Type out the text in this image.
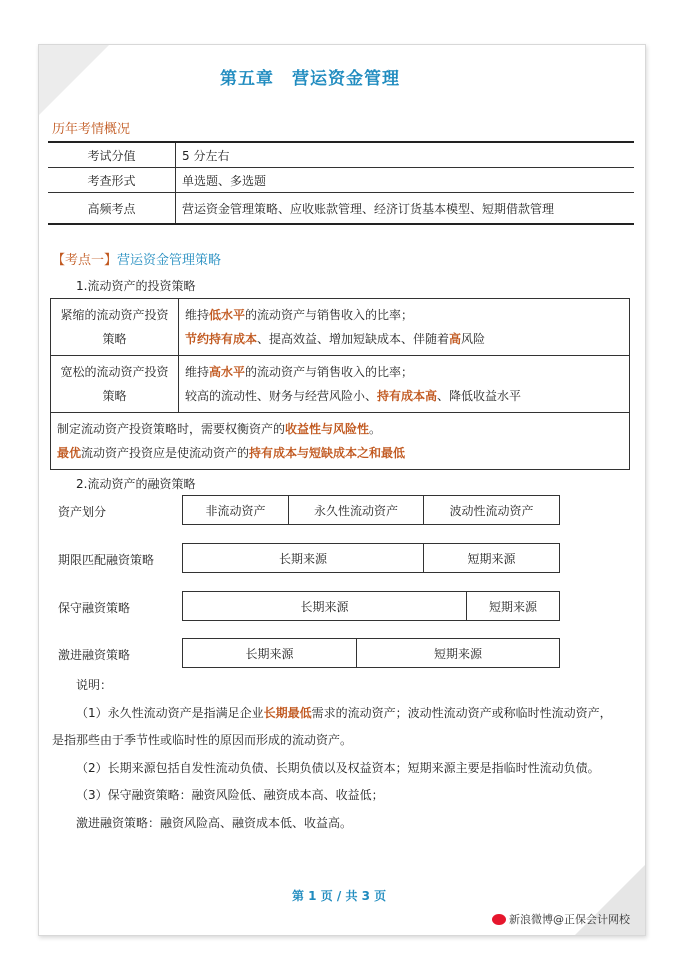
第五章　营运资金管理
历年考情概况
考试分值	5 分左右
考查形式	单选题、多选题
高频考点	营运资金管理策略、应收账款管理、经济订货基本模型、短期借款管理
【考点一】营运资金管理策略
1.流动资产的投资策略
紧缩的流动资产投资策略	维持低水平的流动资产与销售收入的比率；
节约持有成本、提高效益、增加短缺成本、伴随着高风险

宽松的流动资产投资策略	维持高水平的流动资产与销售收入的比率；
较高的流动性、财务与经营风险小、持有成本高、降低收益水平

制定流动资产投资策略时，需要权衡资产的收益性与风险性。
最优流动资产投资应是使流动资产的持有成本与短缺成本之和最低	
2.流动资产的融资策略
资产划分	非流动资产	永久性流动资产	波动性流动资产
期限匹配融资策略	长期来源	短期来源
保守融资策略	长期来源	短期来源
激进融资策略	长期来源	短期来源
说明：
（1）永久性流动资产是指满足企业长期最低需求的流动资产；波动性流动资产或称临时性流动资产，
是指那些由于季节性或临时性的原因而形成的流动资产。
（2）长期来源包括自发性流动负债、长期负债以及权益资本；短期来源主要是指临时性流动负债。
（3）保守融资策略：融资风险低、融资成本高、收益低；
激进融资策略：融资风险高、融资成本低、收益高。
第 1 页 / 共 3 页
新浪微博@正保会计网校
